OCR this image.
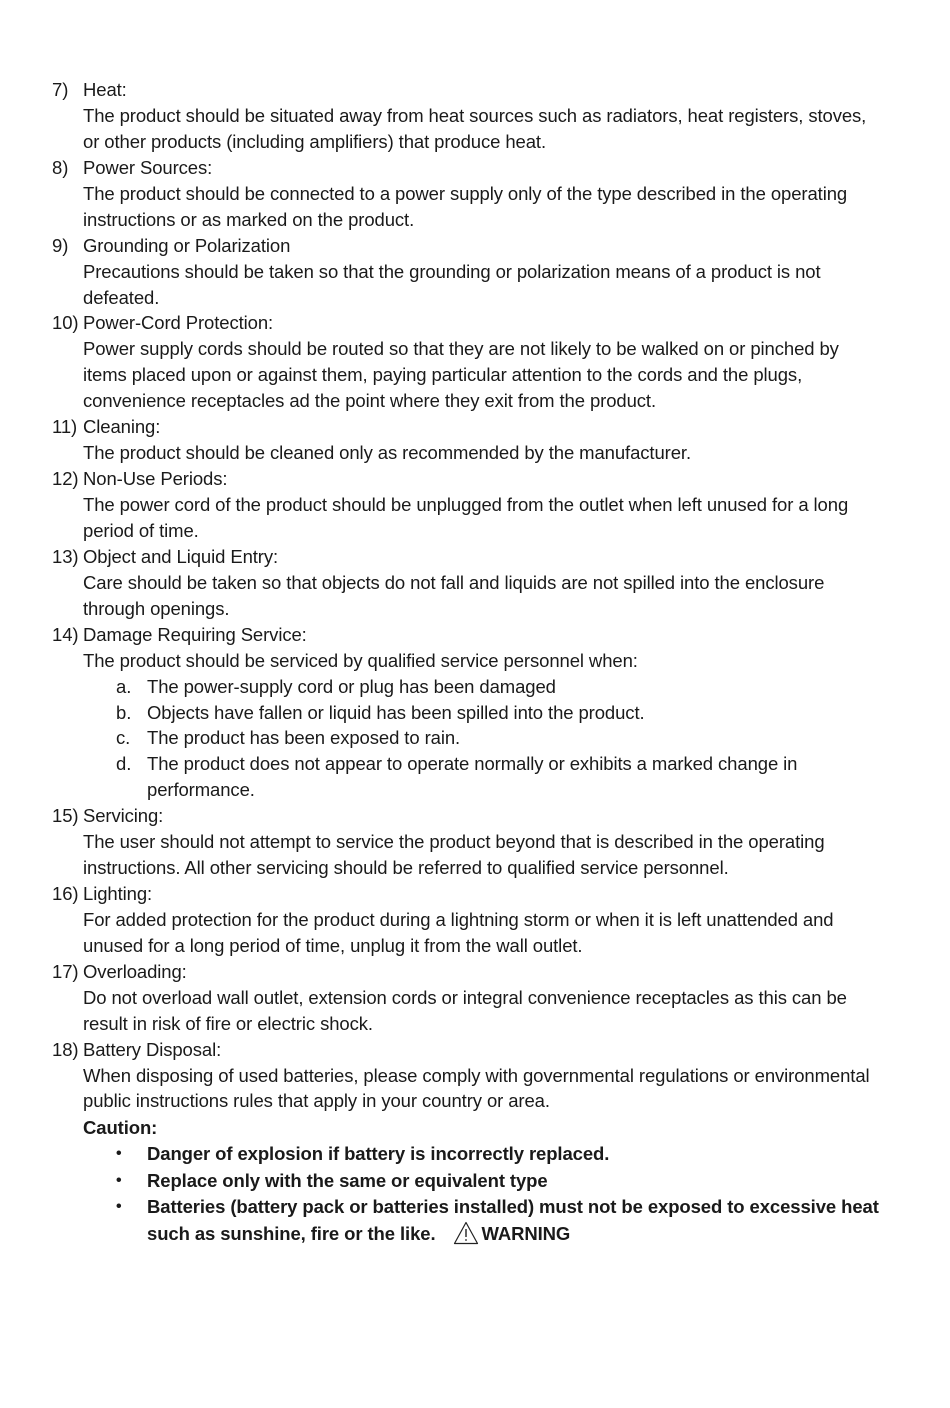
7) Heat:
The product should be situated away from heat sources such as radiators, heat registers, stoves, or other products (including amplifiers) that produce heat.
8) Power Sources:
The product should be connected to a power supply only of the type described in the operating instructions or as marked on the product.
9) Grounding or Polarization
Precautions should be taken so that the grounding or polarization means of a product is not defeated.
10) Power-Cord Protection:
Power supply cords should be routed so that they are not likely to be walked on or pinched by items placed upon or against them, paying particular attention to the cords and the plugs, convenience receptacles ad the point where they exit from the product.
11) Cleaning:
The product should be cleaned only as recommended by the manufacturer.
12) Non-Use Periods:
The power cord of the product should be unplugged from the outlet when left unused for a long period of time.
13) Object and Liquid Entry:
Care should be taken so that objects do not fall and liquids are not spilled into the enclosure through openings.
14) Damage Requiring Service:
The product should be serviced by qualified service personnel when:
a. The power-supply cord or plug has been damaged
b. Objects have fallen or liquid has been spilled into the product.
c. The product has been exposed to rain.
d. The product does not appear to operate normally or exhibits a marked change in performance.
15) Servicing:
The user should not attempt to service the product beyond that is described in the operating instructions. All other servicing should be referred to qualified service personnel.
16) Lighting:
For added protection for the product during a lightning storm or when it is left unattended and unused for a long period of time, unplug it from the wall outlet.
17) Overloading:
Do not overload wall outlet, extension cords or integral convenience receptacles as this can be result in risk of fire or electric shock.
18) Battery Disposal:
When disposing of used batteries, please comply with governmental regulations or environmental public instructions rules that apply in your country or area.
Caution:
• Danger of explosion if battery is incorrectly replaced.
• Replace only with the same or equivalent type
• Batteries (battery pack or batteries installed) must not be exposed to excessive heat such as sunshine, fire or the like. WARNING
